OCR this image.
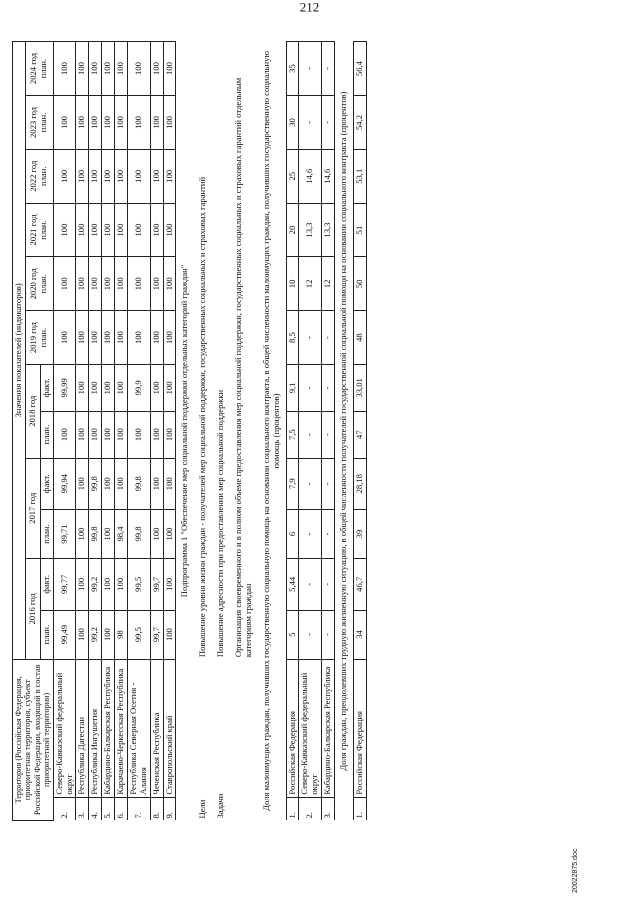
212
Территория (Российская Федерация, приоритетная территория, субъект Российской Федерации, входящий в состав приоритетной территории)		Значения показателей (индикаторов)											
		2016 год		2017 год		2018 год		2019 год план.	2020 год план.	2021 год план.	2022 год план.	2023 год план.	2024 год план.
		план.	факт.	план.	факт.	план.	факт.						
2.	Северо-Кавказский федеральный округ	99,49	99,77	99,71	99,94	100	99,99	100	100	100	100	100	100
3.	Республика Дагестан	100	100	100	100	100	100	100	100	100	100	100	100
4.	Республика Ингушетия	99,2	99,2	99,8	99,8	100	100	100	100	100	100	100	100
5.	Кабардино-Балкарская Республика	100	100	100	100	100	100	100	100	100	100	100	100
6.	Карачаево-Черкесская Республика	98	100	98,4	100	100	100	100	100	100	100	100	100
7.	Республика Северная Осетия - Алания	99,5	99,5	99,8	99,8	100	99,9	100	100	100	100	100	100
8.	Чеченская Республика	99,7	99,7	100	100	100	100	100	100	100	100	100	100
9.	Ставропольский край	100	100	100	100	100	100	100	100	100	100	100	100
Подпрограмма 1 "Обеспечение мер социальной поддержки отдельных категорий граждан"													
Цели		Повышение уровня жизни граждан - получателей мер социальной поддержки, государственных социальных и страховых гарантий											
Задачи		Повышение адресности при предоставлении мер социальной поддержки											
		Организация своевременного и в полном объеме предоставления мер социальной поддержки, государственных социальных и страховых гарантий отдельным категориям граждан											
Доля малоимущих граждан, получивших государственную социальную помощь на основании социального контракта, в общей численности малоимущих граждан, получивших государственную социальную помощь (процентов)													
1.	Российская Федерация	5	5,44	6	7,9	7,5	9,1	8,5	10	20	25	30	35
2.	Северо-Кавказский федеральный округ	-	-	-	-	-	-	-	12	13,3	14,6	-	-
3.	Кабардино-Балкарская Республика	-	-	-	-	-	-	-	12	13,3	14,6	-	-
Доля граждан, преодолевших трудную жизненную ситуацию, в общей численности получателей государственной социальной помощи на основании социального контракта (процентов)													
1.	Российская Федерация	34	46,7	39	28,18	47	33,01	48	50	51	53,1	54,2	56,4
20022875.doc
